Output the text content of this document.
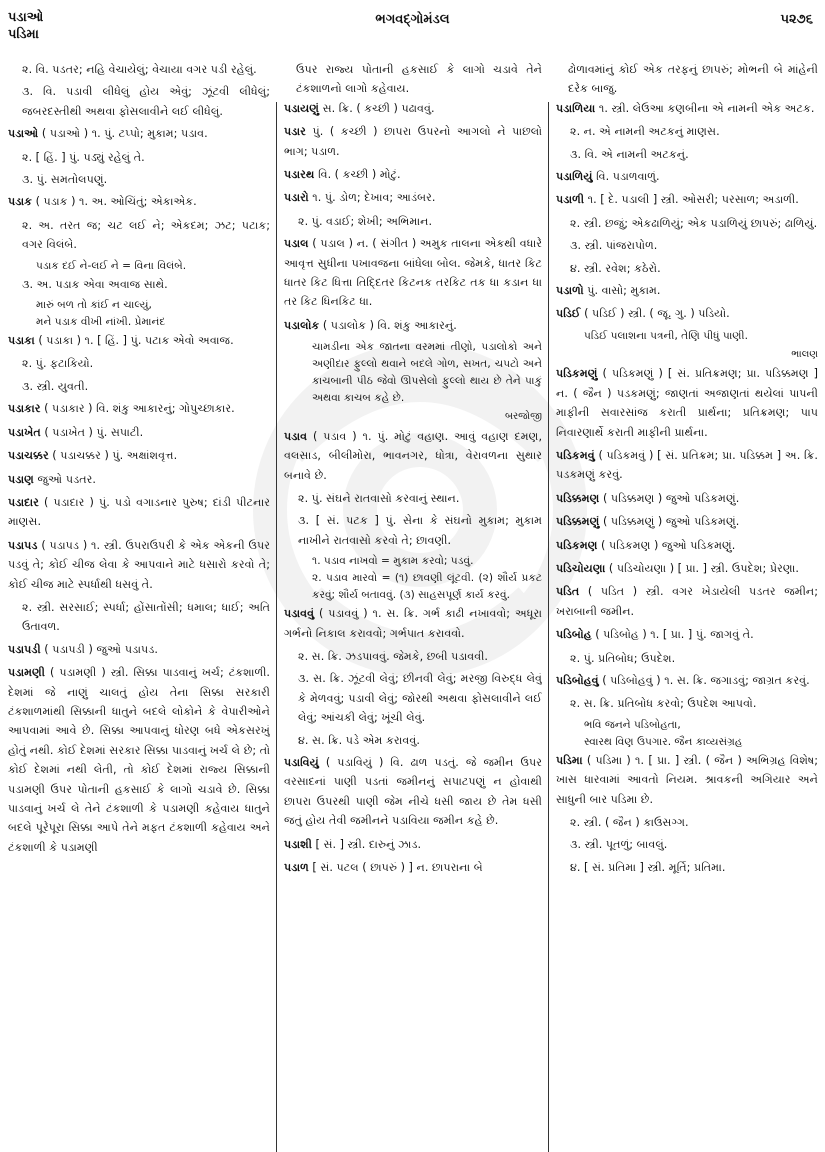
પડાઓ
પડિમા
ભગવદ્ગોમંડલ	૫૨૭૬
૨. વિ. પડતર; નહિ વેચાયેલું; વેચાયા વગર પડી રહેલું.
૩. વિ. પડાવી લીધેલું હોય એવું; ઝૂંટવી લીધેલું; જબરદસ્તીથી અથવા ફોસલાવીને લઈ લીધેલું.
પડાઓ ( પડાઓ ) ૧. પું. ટપ્પો; મુકામ; પડાવ.
૨. [ હિં. ] પું. પડ્યું રહેલું તે.
૩. પું. સમતોલપણું.
પડાક ( પડાક ) ૧. અ. ઓચિંતું; એકાએક.
૨. અ. તરત જ; ચટ લઈ ને; એકદમ; ઝટ; પટાક; વગર વિલંબે.
પડાક દઈ ને-લઈ ને = વિના વિલંબે.
૩. અ. પડાક એવા અવાજ સાથે.
મારું બળ તો કાંઈ ન ચાલ્યું,
મને પડાક વીખી નાંખી. પ્રેમાનંદ
પડાકા ( પડાકા ) ૧. [ હિં. ] પું. પટાક એવો અવાજ.
૨. પું. ફટાકિયો.
૩. સ્ત્રી. યુવતી.
પડાકાર ( પડાકાર ) વિ. શંકુ આકારનું; ગોપુચ્છાકાર.
પડાખેત ( પડાખેત ) પું. સપાટી.
પડાચક્કર ( પડાચક્કર ) પું. અક્ષાંશવૃત્ત.
પડાણ જુઓ પડતર.
પડાદાર ( પડાદાર ) પું. પડો વગાડનાર પુરુષ; દાંડી પીટનાર માણસ.
પડાપડ ( પડાપડ ) ૧. સ્ત્રી. ઉપરાઉપરી કે એક એકની ઉપર પડવું તે; કોઈ ચીજ લેવા કે આપવાને માટે ધસારો કરવો તે; કોઈ ચીજ માટે સ્પર્ધાથી ધસવું તે.
૨. સ્ત્રી. સરસાઈ; સ્પર્ધા; હોંસાતોંસી; ધમાલ; ધાઈ; અતિ ઉતાવળ.
પડાપડી ( પડાપડી ) જુઓ પડાપડ.
પડામણી ( પડામણી ) સ્ત્રી. સિક્કા પાડવાનું ખર્ચ; ટંકશાળી. દેશમાં જે નાણું ચાલતું હોય તેના સિક્કા સરકારી ટંકશાળમાંથી સિક્કાની ધાતુને બદલે લોકોને કે વેપારીઓને આપવામાં આવે છે. સિક્કા આપવાનું ધોરણ બધે એકસરખું હોતું નથી. કોઈ દેશમાં સરકાર સિક્કા પાડવાનું ખર્ચ લે છે; તો કોઈ દેશમાં નથી લેતી, તો કોઈ દેશમાં રાજ્ય સિક્કાની પડામણી ઉપર પોતાની હકસાઈ કે લાગો ચડાવે છે. સિક્કા પાડવાનું ખર્ચ લે તેને ટંકશાળી કે પડામણી કહેવાય ધાતુને બદલે પૂરેપૂરા સિક્કા આપે તેને મફત ટંકશાળી કહેવાય અને ટંકશાળી કે પડામણી
ઉપર રાજ્ય પોતાની હકસાઈ કે લાગો ચડાવે તેને ટંકશાળનો લાગો કહેવાય.
પડાયણું સ. ક્રિ. ( કચ્છી ) પઢાવવું.
પડાર પું. ( કચ્છી ) છાપરા ઉપરનો આગલો ને પાછલો ભાગ; પડાળ.
પડારથ વિ. ( કચ્છી ) મોટું.
પડારો ૧. પું. ડોળ; દેખાવ; આડંબર.
૨. પું. વડાઈ; શેખી; અભિમાન.
પડાલ ( પડાલ ) ન. ( સંગીત ) અમુક તાલના એકથી વધારે આવૃત્ત સુધીના પખાવજના બાંધેલા બોલ. જેમકે, ધાતર કિટ ધાતર કિટ ધિત્તા તિદ્દિતર કિટનક તરકિટ તક ધા કડાન ધા તર કિટ ધિનકિટ ધા.
પડાલોક ( પડાલોક ) વિ. શંકુ આકારનું.
ચામડીના એક જાતના વરમમાં તીણો, પડાલોકો અને અણીદાર ફુલ્લો થવાને બદલે ગોળ, સખત, ચપટો અને કાચબાની પીઠ જેવો ઊપસેલો ફુલ્લો થાય છે તેને પાકું અથવા કાચબ કહે છે.
બરજોજી
પડાવ ( પડાવ ) ૧. પું. મોટું વહાણ. આવું વહાણ દમણ, વલસાડ, બીલીમોરા, ભાવનગર, ધોત્રા, વેરાવળના સુથાર બનાવે છે.
૨. પું. સંઘને રાતવાસો કરવાનું સ્થાન.
૩. [ સં. પટક ] પું. સેના કે સંઘનો મુકામ; મુકામ નાખીને રાતવાસો કરવો તે; છાવણી.
૧. પડાવ નાખવો = મુકામ કરવો; પડવું.
૨. પડાવ મારવો = (૧) છાવણી લૂંટવી. (૨) શૌર્ય પ્રકટ કરવું; શૌર્ય બતાવવું. (૩) સાહસપૂર્ણ કાર્ય કરવું.
પડાવવું ( પડાવવું ) ૧. સ. ક્રિ. ગર્ભ કાઢી નખાવવો; અધૂરા ગર્ભનો નિકાલ કરાવવો; ગર્ભપાત કરાવવો.
૨. સ. ક્રિ. ઝડપાવવું. જેમકે, છબી પડાવવી.
૩. સ. ક્રિ. ઝૂંટવી લેવું; છીનવી લેવું; મરજી વિરુદ્ધ લેવું કે મેળવવું; પડાવી લેવું; જોરથી અથવા ફોસલાવીને લઈ લેવું; આંચકી લેવું; ખૂંચી લેવું.
૪. સ. ક્રિ. પડે એમ કરાવવું.
પડાવિયું ( પડાવિયું ) વિ. ઢાળ પડતું. જે જમીન ઉપર વરસાદનાં પાણી પડતાં જમીનનું સપાટપણું ન હોવાથી છાપરા ઉપરથી પાણી જેમ નીચે ધસી જાય છે તેમ ધસી જતું હોય તેવી જમીનને પડાવિયા જમીન કહે છે.
પડાશી [ સં. ] સ્ત્રી. દારુનું ઝાડ.
પડાળ [ સં. પટલ ( છાપરું ) ] ન. છાપરાના બે
ઢોળાવમાંનું કોઈ એક તરફનું છાપરું; મોભની બે માંહેની દરેક બાજુ.
પડાળિયા ૧. સ્ત્રી. લેઉઆ કણબીના એ નામની એક અટક.
૨. ન. એ નામની અટકનું માણસ.
૩. વિ. એ નામની અટકનું.
પડાળિયું વિ. પડાળવાળું.
પડાળી ૧. [ દે. પડાલી ] સ્ત્રી. ઓસરી; પરસાળ; અડાળી.
૨. સ્ત્રી. છજું; એકઢાળિયું; એક પડાળિયું છાપરું; ઢાળિયું.
૩. સ્ત્રી. પાંજરાપોળ.
૪. સ્ત્રી. રવેશ; કઠેરો.
પડાળો પું. વાસો; મુકામ.
પડિઈ ( પડિઈ ) સ્ત્રી. ( જૂ. ગુ. ) પડિયો.
પડિઈ પલાશના પત્રની, તેણિ પીધું પાણી.
ભાલણ
પડિકમણું ( પડિકમણું ) [ સં. પ્રતિક્રમણ; પ્રા. પડિક્કમણ ] ન. ( જૈન ) પડકમણું; જાણતાં અજાણતાં થયેલાં પાપની માફીની સવારસાંજ કરાતી પ્રાર્થના; પ્રતિક્રમણ; પાપ નિવારણાર્થે કરાતી માફીની પ્રાર્થના.
પડિકમવું ( પડિકમવું ) [ સં. પ્રતિક્રમ; પ્રા. પડિક્કમ ] અ. ક્રિ. પડકમણું કરવું.
પડિક્કમણ ( પડિક્કમણ ) જુઓ પડિકમણું.
પડિક્કમણું ( પડિક્કમણું ) જુઓ પડિકમણું.
પડિકમણ ( પડિકમણ ) જુઓ પડિકમણું.
પડિચોયણા ( પડિચોયણા ) [ પ્રા. ] સ્ત્રી. ઉપદેશ; પ્રેરણા.
પડિત ( પડિત ) સ્ત્રી. વગર ખેડાયેલી પડતર જમીન; ખરાબાની જમીન.
પડિબોહ ( પડિબોહ ) ૧. [ પ્રા. ] પું. જાગવું તે.
૨. પું. પ્રતિબોધ; ઉપદેશ.
પડિબોહવું ( પડિબોહવું ) ૧. સ. ક્રિ. જગાડવું; જાગ્રત કરવું.
૨. સ. ક્રિ. પ્રતિબોધ કરવો; ઉપદેશ આપવો.
ભવિ જનને પડિબોહતા,
સ્વારથ વિણ ઉપગાર. જૈન કાવ્યસંગ્રહ
પડિમા ( પડિમા ) ૧. [ પ્રા. ] સ્ત્રી. ( જૈન ) અભિગ્રહ વિશેષ; ખાસ ધારવામાં આવતો નિયમ. શ્રાવકની અગિયાર અને સાધુની બાર પડિમા છે.
૨. સ્ત્રી. ( જૈન ) કાઉસગ્ગ.
૩. સ્ત્રી. પૂતળું; બાવલું.
૪. [ સં. પ્રતિમા ] સ્ત્રી. મૂર્તિ; પ્રતિમા.
